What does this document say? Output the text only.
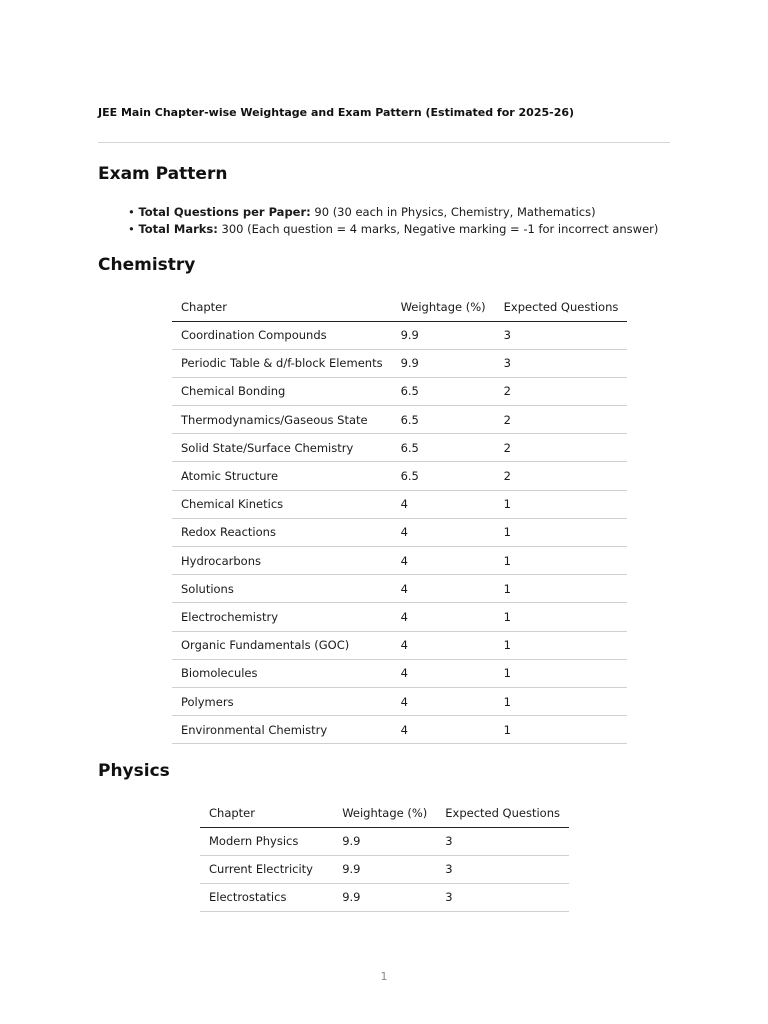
JEE Main Chapter-wise Weightage and Exam Pattern (Estimated for 2025-26)
Exam Pattern
• Total Questions per Paper: 90 (30 each in Physics, Chemistry, Mathematics)
• Total Marks: 300 (Each question = 4 marks, Negative marking = -1 for incorrect answer)
Chemistry
Chapter	Weightage (%)	Expected Questions
Coordination Compounds	9.9	3
Periodic Table & d/f-block Elements	9.9	3
Chemical Bonding	6.5	2
Thermodynamics/Gaseous State	6.5	2
Solid State/Surface Chemistry	6.5	2
Atomic Structure	6.5	2
Chemical Kinetics	4	1
Redox Reactions	4	1
Hydrocarbons	4	1
Solutions	4	1
Electrochemistry	4	1
Organic Fundamentals (GOC)	4	1
Biomolecules	4	1
Polymers	4	1
Environmental Chemistry	4	1
Physics
Chapter	Weightage (%)	Expected Questions
Modern Physics	9.9	3
Current Electricity	9.9	3
Electrostatics	9.9	3
1
